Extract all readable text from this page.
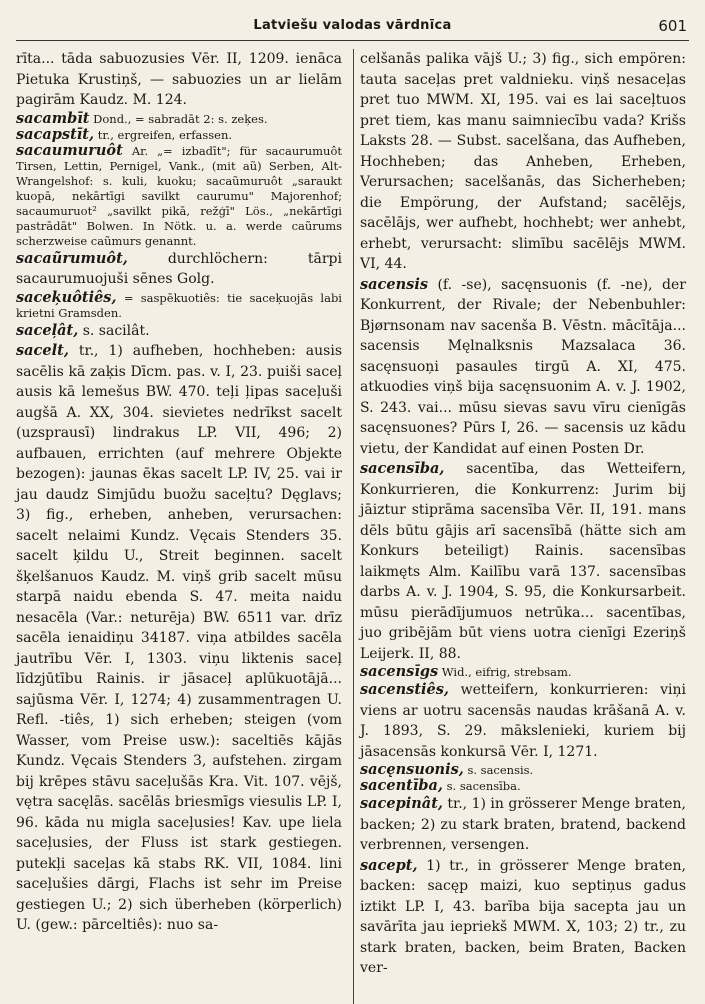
Latviešu valodas vārdnīca	601

rīta... tāda sabuozusies Vēr. II, 1209. ienāca Pietuka Krustiņš, — sabuozies un ar lielām pagirām Kaudz. M. 124.

sacambīt Dond., = sabradāt 2: s. zeķes.

sacapstīt, tr., ergreifen, erfassen.

sacaumuruôt Ar. „= izbadīt"; für sacaurumuôt Tirsen, Lettin, Pernigel, Vank., (mit aũ) Serben, Alt-Wrangelshof: s. kuli, kuoku; sacaũmuruôt „saraukt kuopā, nekārtīgi savilkt caurumu" Majorenhof; sacaumuruot² „savilkt pikā, režģī" Lös., „nekārtīgi pastrādāt" Bolwen. In Nötk. u. a. werde caũrums scherzweise caũmurs genannt.

sacaũrumuôt, durchlöchern: tārpi sacaurumuojuši sēnes Golg.

saceķuôtiês, = saspēkuotiês: tie saceķuojās labi krietni Gramsden.

saceļât, s. sacilât.

sacelt, tr., 1) aufheben, hochheben: ausis sacēlis kā zaķis Dīcm. pas. v. I, 23. puiši saceļ ausis kā lemešus BW. 470. teļi ļipas saceļuši augšā A. XX, 304. sievietes nedrīkst sacelt (uzsprausī) lindrakus LP. VII, 496; 2) aufbauen, errichten (auf mehrere Objekte bezogen): jaunas ēkas sacelt LP. IV, 25. vai ir jau daudz Simjūdu buožu saceļtu? Dęglavs; 3) fig., erheben, anheben, verursachen: sacelt nelaimi Kundz. Vęcais Stenders 35. sacelt ķildu U., Streit beginnen. sacelt šķelšanuos Kaudz. M. viņš grib sacelt mūsu starpā naidu ebenda S. 47. meita naidu nesacēla (Var.: neturēja) BW. 6511 var. drīz sacēla ienaidiņu 34187. viņa atbildes sacēla jautrību Vēr. I, 1303. viņu liktenis saceļ līdzjūtību Rainis. ir jāsaceļ aplūkuotājā... sajūsma Vēr. I, 1274; 4) zusammentragen U. Refl. -tiês, 1) sich erheben; steigen (vom Wasser, vom Preise usw.): saceltiēs kājās Kundz. Vęcais Stenders 3, aufstehen. zirgam bij krēpes stāvu saceļušās Kra. Vit. 107. vējš, vętra sacęlās. sacēlās briesmīgs viesulis LP. I, 96. kāda nu migla saceļusies! Kav. upe liela saceļusies, der Fluss ist stark gestiegen. putekļi saceļas kā stabs RK. VII, 1084. lini saceļušies dārgi, Flachs ist sehr im Preise gestiegen U.; 2) sich überheben (körperlich) U. (gew.: pārceltiês): nuo sa-

celšanās palika vājš U.; 3) fig., sich empören: tauta saceļas pret valdnieku. viņš nesaceļas pret tuo MWM. XI, 195. vai es lai saceļtuos pret tiem, kas manu saimniecību vada? Krišs Laksts 28. — Subst. sacelšana, das Aufheben, Hochheben; das Anheben, Erheben, Verursachen; sacelšanās, das Sicherheben; die Empörung, der Aufstand; sacēlējs, sacēlājs, wer aufhebt, hochhebt; wer anhebt, erhebt, verursacht: slimību sacēlējs MWM. VI, 44.

sacensis (f. -se), sacęnsuonis (f. -ne), der Konkurrent, der Rivale; der Nebenbuhler: Bjørnsonam nav sacenša B. Vēstn. mācītāja... sacensis Męlnalksnis Mazsalaca 36. sacęnsuoņi pasaules tirgū A. XI, 475. atkuodies viņš bija sacęnsuonim A. v. J. 1902, S. 243. vai... mūsu sievas savu vīru cienīgās sacęnsuones? Pūrs I, 26. — sacensis uz kādu vietu, der Kandidat auf einen Posten Dr.

sacensība, sacentība, das Wetteifern, Konkurrieren, die Konkurrenz: Jurim bij jāiztur stiprāma sacensība Vēr. II, 191. mans dēls būtu gājis arī sacensībā (hätte sich am Konkurs beteiligt) Rainis. sacensības laikmęts Alm. Kailību varā 137. sacensības darbs A. v. J. 1904, S. 95, die Konkursarbeit. mūsu pierādījumuos netrūka... sacentības, juo gribējām būt viens uotra cienīgi Ezeriņš Leijerk. II, 88.

sacensīgs Wid., eifrig, strebsam.

sacenstiês, wetteifern, konkurrieren: viņi viens ar uotru sacensās naudas krāšanā A. v. J. 1893, S. 29. mākslenieki, kuriem bij jāsacensās konkursā Vēr. I, 1271.

sacęnsuonis, s. sacensis.

sacentība, s. sacensība.

sacepinât, tr., 1) in grösserer Menge braten, backen; 2) zu stark braten, bratend, backend verbrennen, versengen.

sacept, 1) tr., in grösserer Menge braten, backen: sacęp maizi, kuo septiņus gadus iztikt LP. I, 43. barība bija sacepta jau un savārīta jau iepriekš MWM. X, 103; 2) tr., zu stark braten, backen, beim Braten, Backen ver-
